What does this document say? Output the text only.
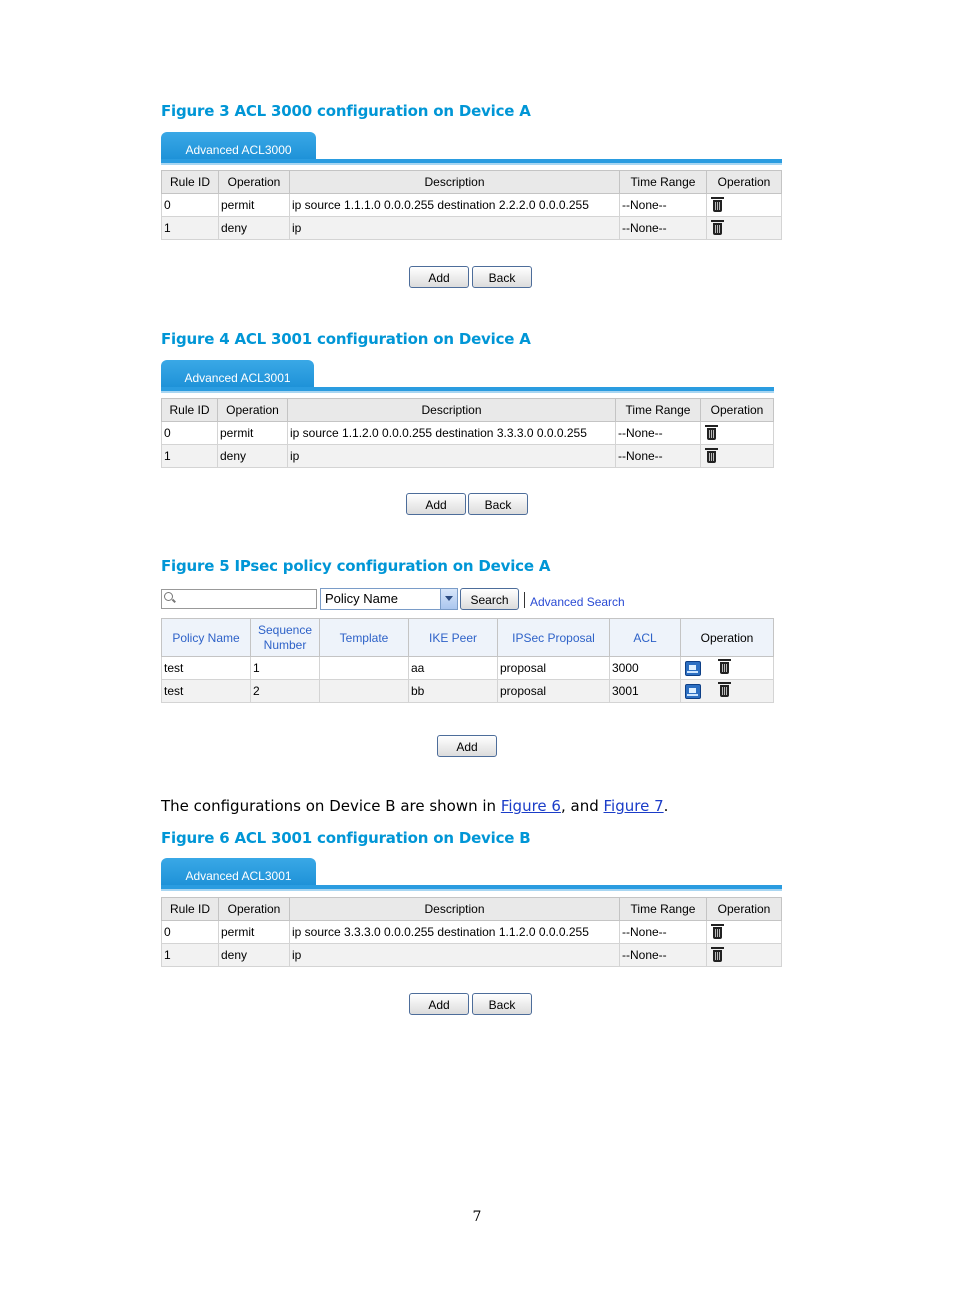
Figure 3 ACL 3000 configuration on Device A
Advanced ACL3000
Rule ID	Operation	Description	Time Range	Operation
0	permit	ip source 1.1.1.0 0.0.0.255 destination 2.2.2.0 0.0.0.255	--None--	
1	deny	ip	--None--	
Add	Back
Figure 4 ACL 3001 configuration on Device A
Advanced ACL3001
Rule ID	Operation	Description	Time Range	Operation
0	permit	ip source 1.1.2.0 0.0.0.255 destination 3.3.3.0 0.0.0.255	--None--	
1	deny	ip	--None--	
Add	Back
Figure 5 IPsec policy configuration on Device A
Policy Name	Search	Advanced Search
Policy Name	Sequence Number	Template	IKE Peer	IPSec Proposal	ACL	Operation
test	1		aa	proposal	3000	
test	2		bb	proposal	3001	
Add
The configurations on Device B are shown in Figure 6, and Figure 7.
Figure 6 ACL 3001 configuration on Device B
Advanced ACL3001
Rule ID	Operation	Description	Time Range	Operation
0	permit	ip source 3.3.3.0 0.0.0.255 destination 1.1.2.0 0.0.0.255	--None--	
1	deny	ip	--None--	
Add	Back
7
